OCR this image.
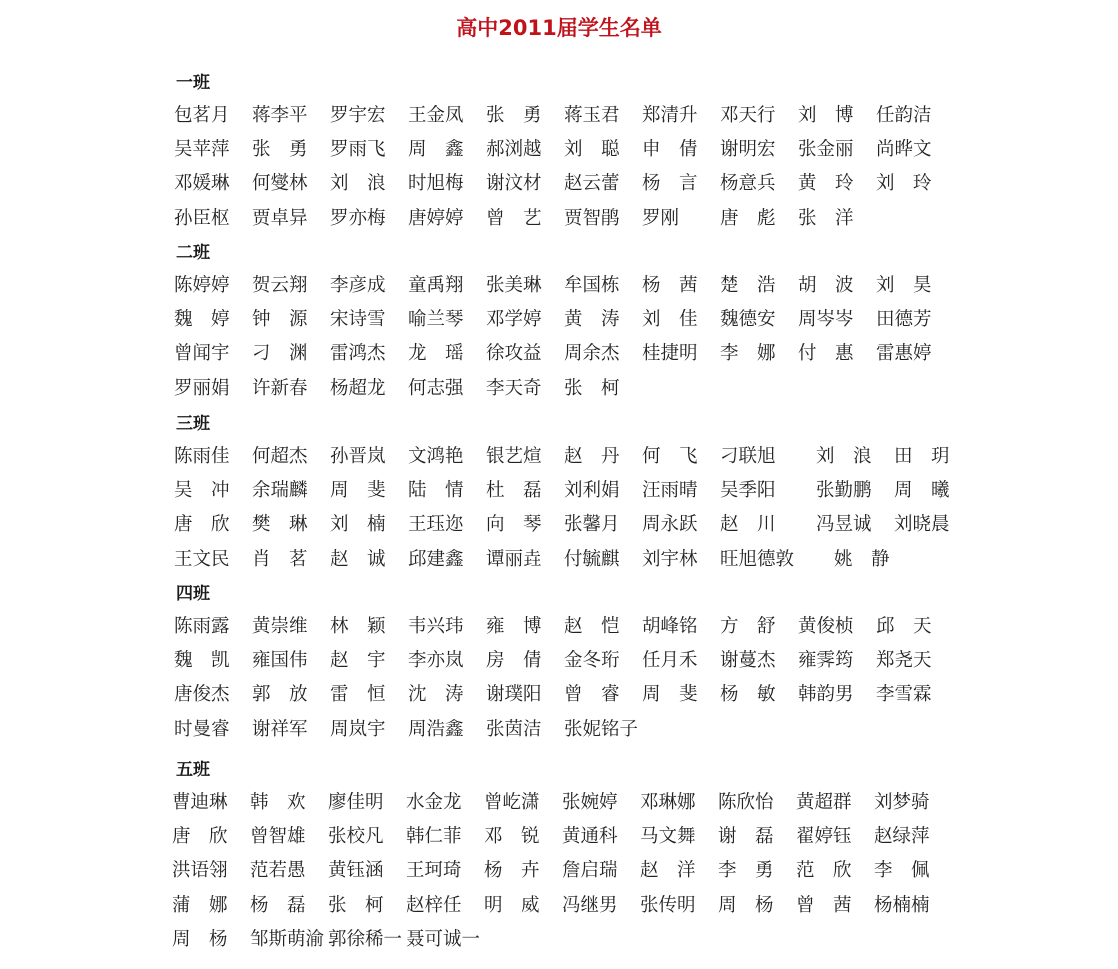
高中2011届学生名单
一班
包茗月 蒋李平 罗宇宏 王金凤 张　勇 蒋玉君 郑清升 邓天行 刘　博 任韵洁
吴苹萍 张　勇 罗雨飞 周　鑫 郝浏越 刘　聪 申　倩 谢明宏 张金丽 尚晔文
邓媛琳 何燮林 刘　浪 时旭梅 谢汶材 赵云蕾 杨　言 杨意兵 黄　玲 刘　玲
孙臣枢 贾卓异 罗亦梅 唐婷婷 曾　艺 贾智鹃 罗刚 唐　彪 张　洋
二班
陈婷婷 贺云翔 李彦成 童禹翔 张美琳 牟国栋 杨　茜 楚　浩 胡　波 刘　昊
魏　婷 钟　源 宋诗雪 喻兰琴 邓学婷 黄　涛 刘　佳 魏德安 周岑岑 田德芳
曾闻宇 刁　渊 雷鸿杰 龙　瑶 徐攻益 周余杰 桂捷明 李　娜 付　惠 雷惠婷
罗丽娟 许新春 杨超龙 何志强 李天奇 张　柯
三班
陈雨佳 何超杰 孙晋岚 文鸿艳 银艺煊 赵　丹 何　飞 刁联旭 刘　浪 田　玥
吴　冲 余瑞麟 周　斐 陆　情 杜　磊 刘利娟 汪雨晴 吴季阳 张勤鹏 周　曦
唐　欣 樊　琳 刘　楠 王珏迩 向　琴 张馨月 周永跃 赵　川 冯昱诚 刘晓晨
王文民 肖　茗 赵　诚 邱建鑫 谭丽垚 付毓麒 刘宇林 旺旭德敦 姚　静
四班
陈雨露 黄崇维 林　颖 韦兴玮 雍　博 赵　恺 胡峰铭 方　舒 黄俊桢 邱　天
魏　凯 雍国伟 赵　宇 李亦岚 房　倩 金冬珩 任月禾 谢蔓杰 雍霁筠 郑尧天
唐俊杰 郭　放 雷　恒 沈　涛 谢璞阳 曾　睿 周　斐 杨　敏 韩韵男 李雪霖
时曼睿 谢祥军 周岚宇 周浩鑫 张茵洁 张妮铭子
五班
曹迪琳 韩　欢 廖佳明 水金龙 曾屹潇 张婉婷 邓琳娜 陈欣怡 黄超群 刘梦骑
唐　欣 曾智雄 张校凡 韩仁菲 邓　锐 黄通科 马文舞 谢　磊 翟婷钰 赵绿萍
洪语翎 范若愚 黄钰涵 王珂琦 杨　卉 詹启瑞 赵　洋 李　勇 范　欣 李　佩
蒲　娜 杨　磊 张　柯 赵梓任 明　威 冯继男 张传明 周　杨 曾　茜 杨楠楠
周　杨 邹斯萌渝 郭徐稀一 聂可诚一
